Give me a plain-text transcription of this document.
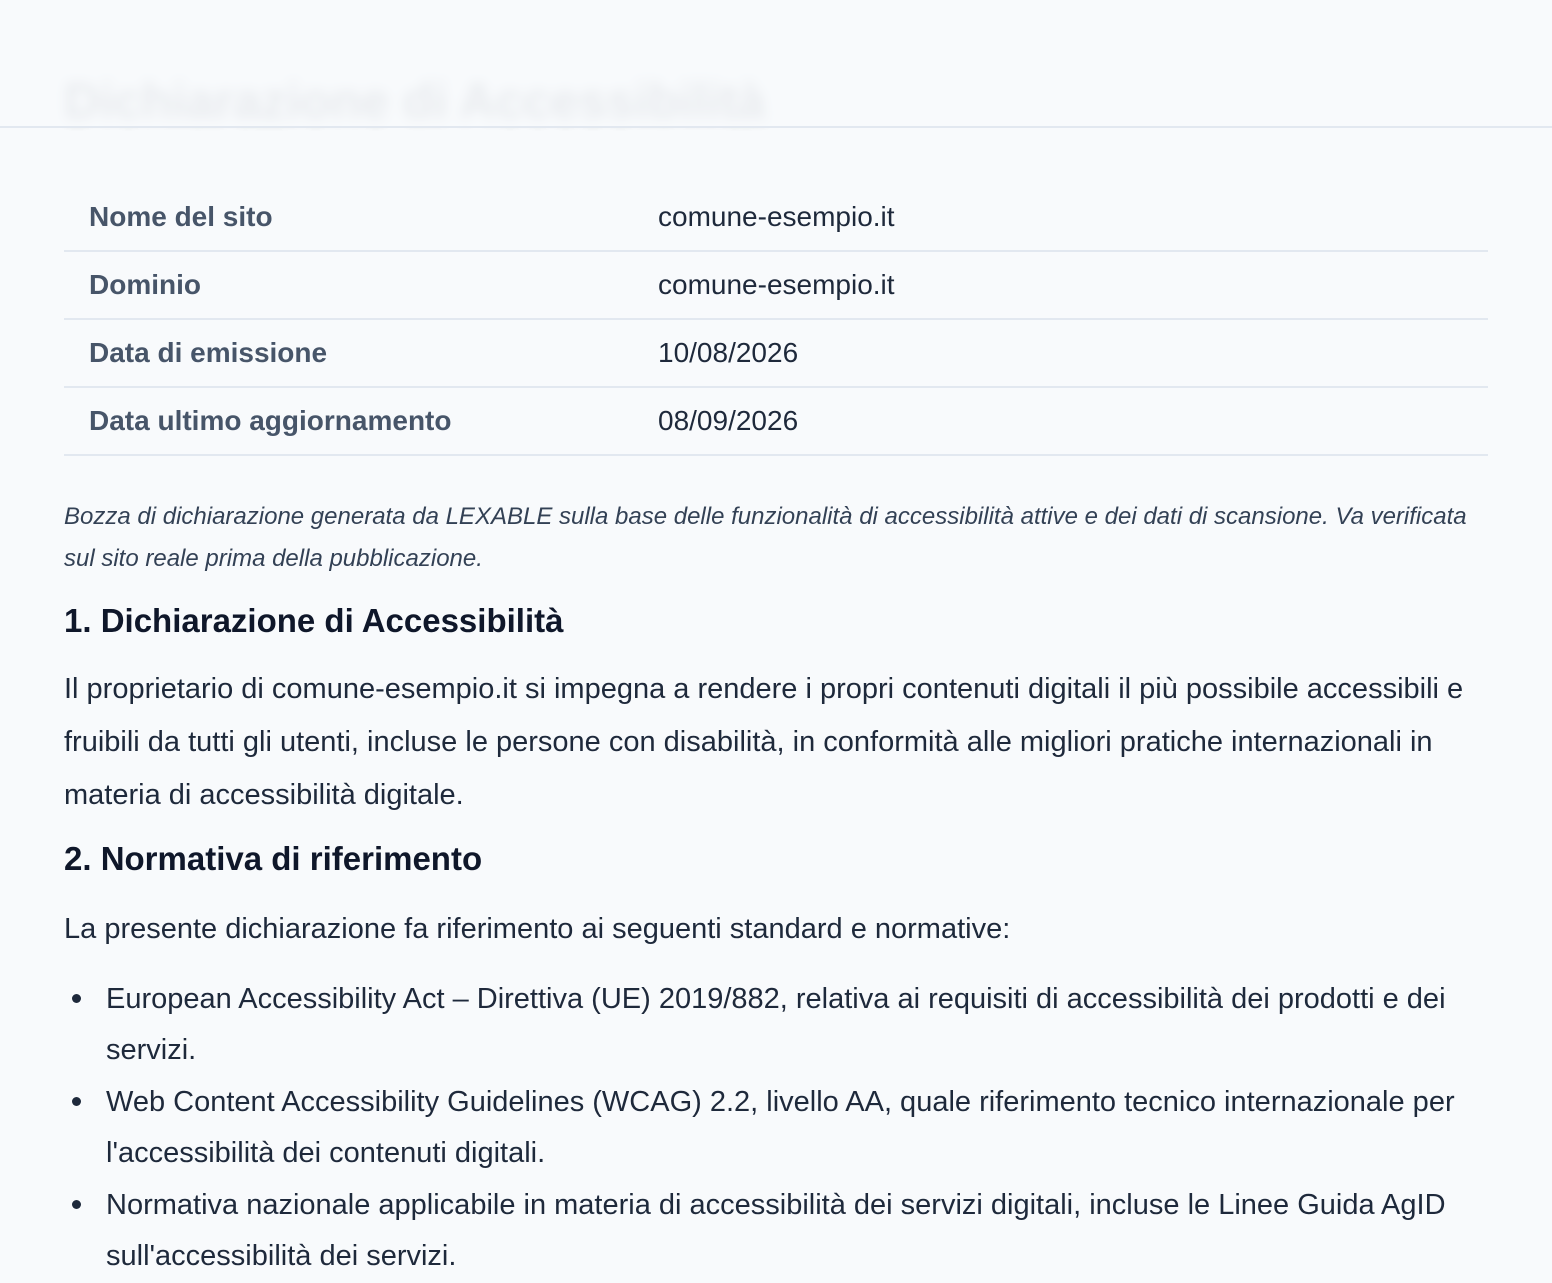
Nome del sito	comune-esempio.it
Dominio	comune-esempio.it
Data di emissione	10/08/2026
Data ultimo aggiornamento	08/09/2026

Bozza di dichiarazione generata da LEXABLE sulla base delle funzionalità di accessibilità attive e dei dati di scansione. Va verificata sul sito reale prima della pubblicazione.

1. Dichiarazione di Accessibilità

Il proprietario di comune-esempio.it si impegna a rendere i propri contenuti digitali il più possibile accessibili e fruibili da tutti gli utenti, incluse le persone con disabilità, in conformità alle migliori pratiche internazionali in materia di accessibilità digitale.

2. Normativa di riferimento

La presente dichiarazione fa riferimento ai seguenti standard e normative:

European Accessibility Act – Direttiva (UE) 2019/882, relativa ai requisiti di accessibilità dei prodotti e dei servizi.
Web Content Accessibility Guidelines (WCAG) 2.2, livello AA, quale riferimento tecnico internazionale per l'accessibilità dei contenuti digitali.
Normativa nazionale applicabile in materia di accessibilità dei servizi digitali, incluse le Linee Guida AgID sull'accessibilità dei servizi.
